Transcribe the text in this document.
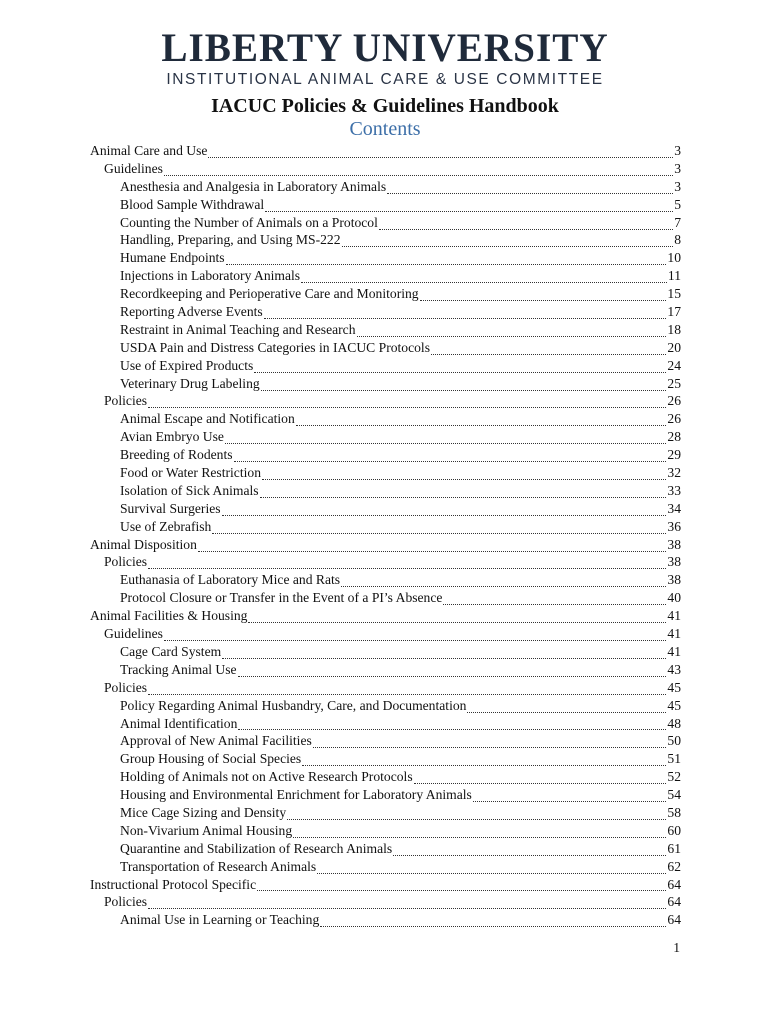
LIBERTY UNIVERSITY
INSTITUTIONAL ANIMAL CARE & USE COMMITTEE
IACUC Policies & Guidelines Handbook
Contents
Animal Care and Use	3
Guidelines	3
Anesthesia and Analgesia in Laboratory Animals	3
Blood Sample Withdrawal	5
Counting the Number of Animals on a Protocol	7
Handling, Preparing, and Using MS-222	8
Humane Endpoints	10
Injections in Laboratory Animals	11
Recordkeeping and Perioperative Care and Monitoring	15
Reporting Adverse Events	17
Restraint in Animal Teaching and Research	18
USDA Pain and Distress Categories in IACUC Protocols	20
Use of Expired Products	24
Veterinary Drug Labeling	25
Policies	26
Animal Escape and Notification	26
Avian Embryo Use	28
Breeding of Rodents	29
Food or Water Restriction	32
Isolation of Sick Animals	33
Survival Surgeries	34
Use of Zebrafish	36
Animal Disposition	38
Policies	38
Euthanasia of Laboratory Mice and Rats	38
Protocol Closure or Transfer in the Event of a PI’s Absence	40
Animal Facilities & Housing	41
Guidelines	41
Cage Card System	41
Tracking Animal Use	43
Policies	45
Policy Regarding Animal Husbandry, Care, and Documentation	45
Animal Identification	48
Approval of New Animal Facilities	50
Group Housing of Social Species	51
Holding of Animals not on Active Research Protocols	52
Housing and Environmental Enrichment for Laboratory Animals	54
Mice Cage Sizing and Density	58
Non-Vivarium Animal Housing	60
Quarantine and Stabilization of Research Animals	61
Transportation of Research Animals	62
Instructional Protocol Specific	64
Policies	64
Animal Use in Learning or Teaching	64
1
